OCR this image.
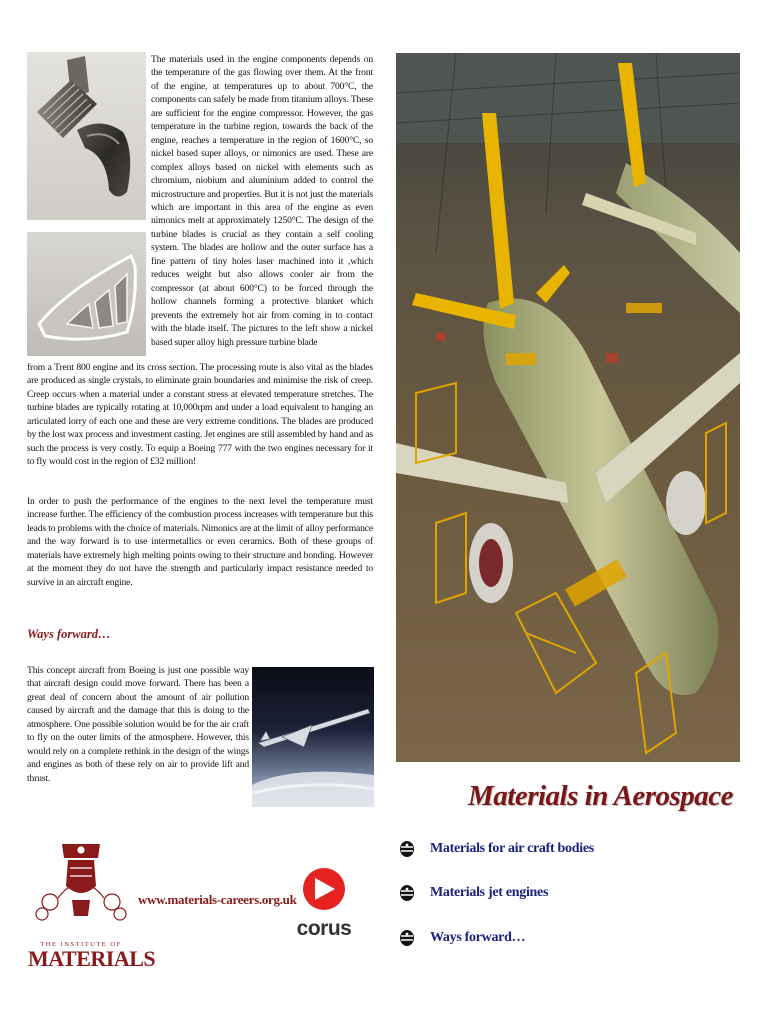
The materials used in the engine components depends on the temperature of the gas flowing over them. At the front of the engine, at temperatures up to about 700°C, the components can safely be made from titanium alloys. These are sufficient for the engine compressor. However, the gas temperature in the turbine region, towards the back of the engine, reaches a temperature in the region of 1600°C, so nickel based super alloys, or nimonics are used. These are complex alloys based on nickel with elements such as chromium, niobium and aluminium added to control the microstructure and properties. But it is not just the materials which are important in this area of the engine as even nimonics melt at approximately 1250°C. The design of the turbine blades is crucial as they contain a self cooling system. The blades are hollow and the outer surface has a fine pattern of tiny holes laser machined into it ,which reduces weight but also allows cooler air from the compressor (at about 600°C) to be forced through the hollow channels forming a protective blanket which prevents the extremely hot air from coming in to contact with the blade itself. The pictures to the left show a nickel based super alloy high pressure turbine blade

from a Trent 800 engine and its cross section. The processing route is also vital as the blades are produced as single crystals, to eliminate grain boundaries and minimise the risk of creep. Creep occurs when a material under a constant stress at elevated temperature stretches. The turbine blades are typically rotating at 10,000rpm and under a load equivalent to hanging an articulated lorry of each one and these are very extreme conditions. The blades are produced by the lost wax process and investment casting. Jet engines are still assembled by hand and as such the process is very costly. To equip a Boeing 777 with the two engines necessary for it to fly would cost in the region of £32 million!

In order to push the performance of the engines to the next level the temperature must increase further. The efficiency of the combustion process increases with temperature but this leads to problems with the choice of materials. Nimonics are at the limit of alloy performance and the way forward is to use intermetallics or even ceramics. Both of these groups of materials have extremely high melting points owing to their structure and bonding. However at the moment they do not have the strength and particularly impact resistance needed to survive in an aircraft engine.

Ways forward…

This concept aircraft from Boeing is just one possible way that aircraft design could move forward. There has been a great deal of concern about the amount of air pollution caused by aircraft and the damage that this is doing to the atmosphere. One possible solution would be for the air craft to fly on the outer limits of the atmosphere. However, this would rely on a complete rethink in the design of the wings and engines as both of these rely on air to provide lift and thrust.

Materials in Aerospace
Materials for air craft bodies
Materials jet engines
Ways forward…
THE INSTITUTE OF
MATERIALS
www.materials-careers.org.uk
corus
